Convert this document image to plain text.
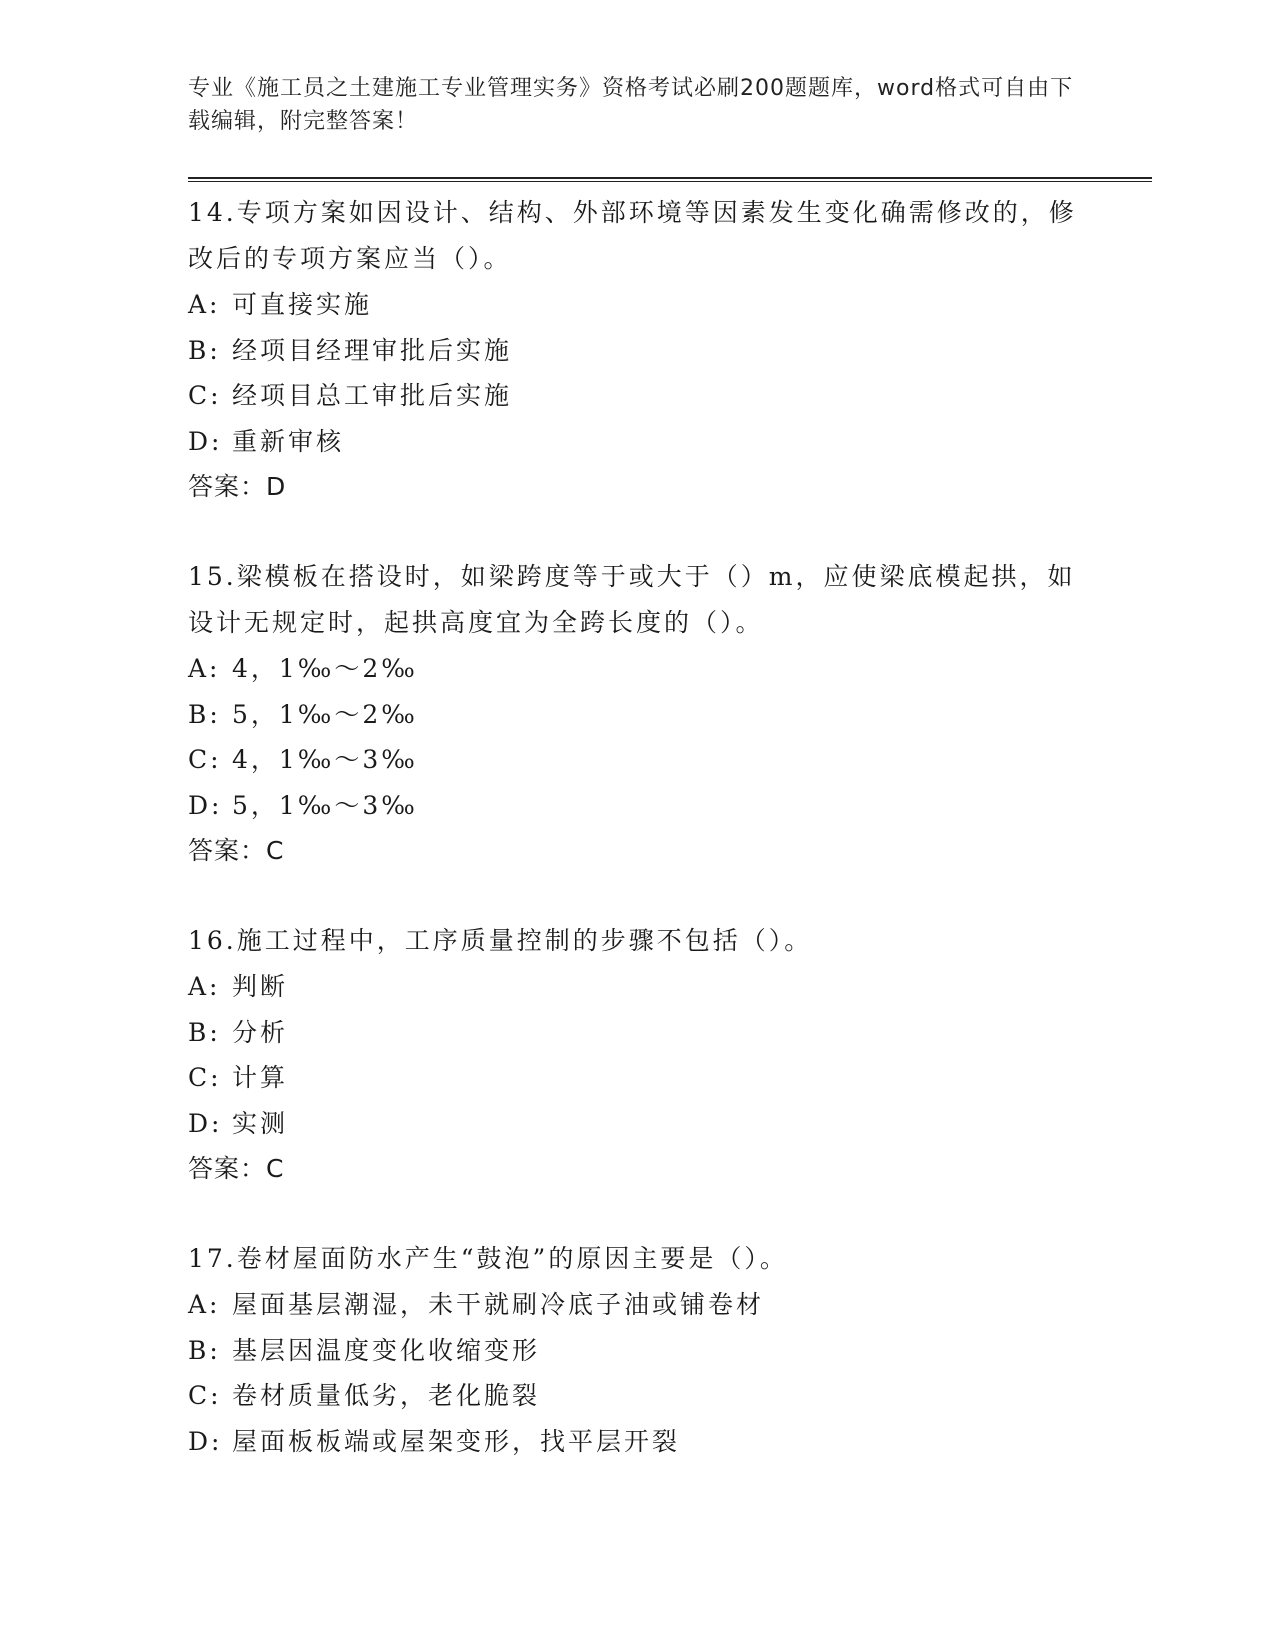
专业《施工员之土建施工专业管理实务》资格考试必刷200题题库，word格式可自由下载编辑，附完整答案！
14.专项方案如因设计、结构、外部环境等因素发生变化确需修改的，修改后的专项方案应当（）。
A: 可直接实施
B: 经项目经理审批后实施
C: 经项目总工审批后实施
D: 重新审核
答案：D
15.梁模板在搭设时，如梁跨度等于或大于（）m，应使梁底模起拱，如设计无规定时，起拱高度宜为全跨长度的（）。
A: 4，1‰～2‰
B: 5，1‰～2‰
C: 4，1‰～3‰
D: 5，1‰～3‰
答案：C
16.施工过程中，工序质量控制的步骤不包括（）。
A: 判断
B: 分析
C: 计算
D: 实测
答案：C
17.卷材屋面防水产生“鼓泡”的原因主要是（）。
A: 屋面基层潮湿，未干就刷冷底子油或铺卷材
B: 基层因温度变化收缩变形
C: 卷材质量低劣，老化脆裂
D: 屋面板板端或屋架变形，找平层开裂
